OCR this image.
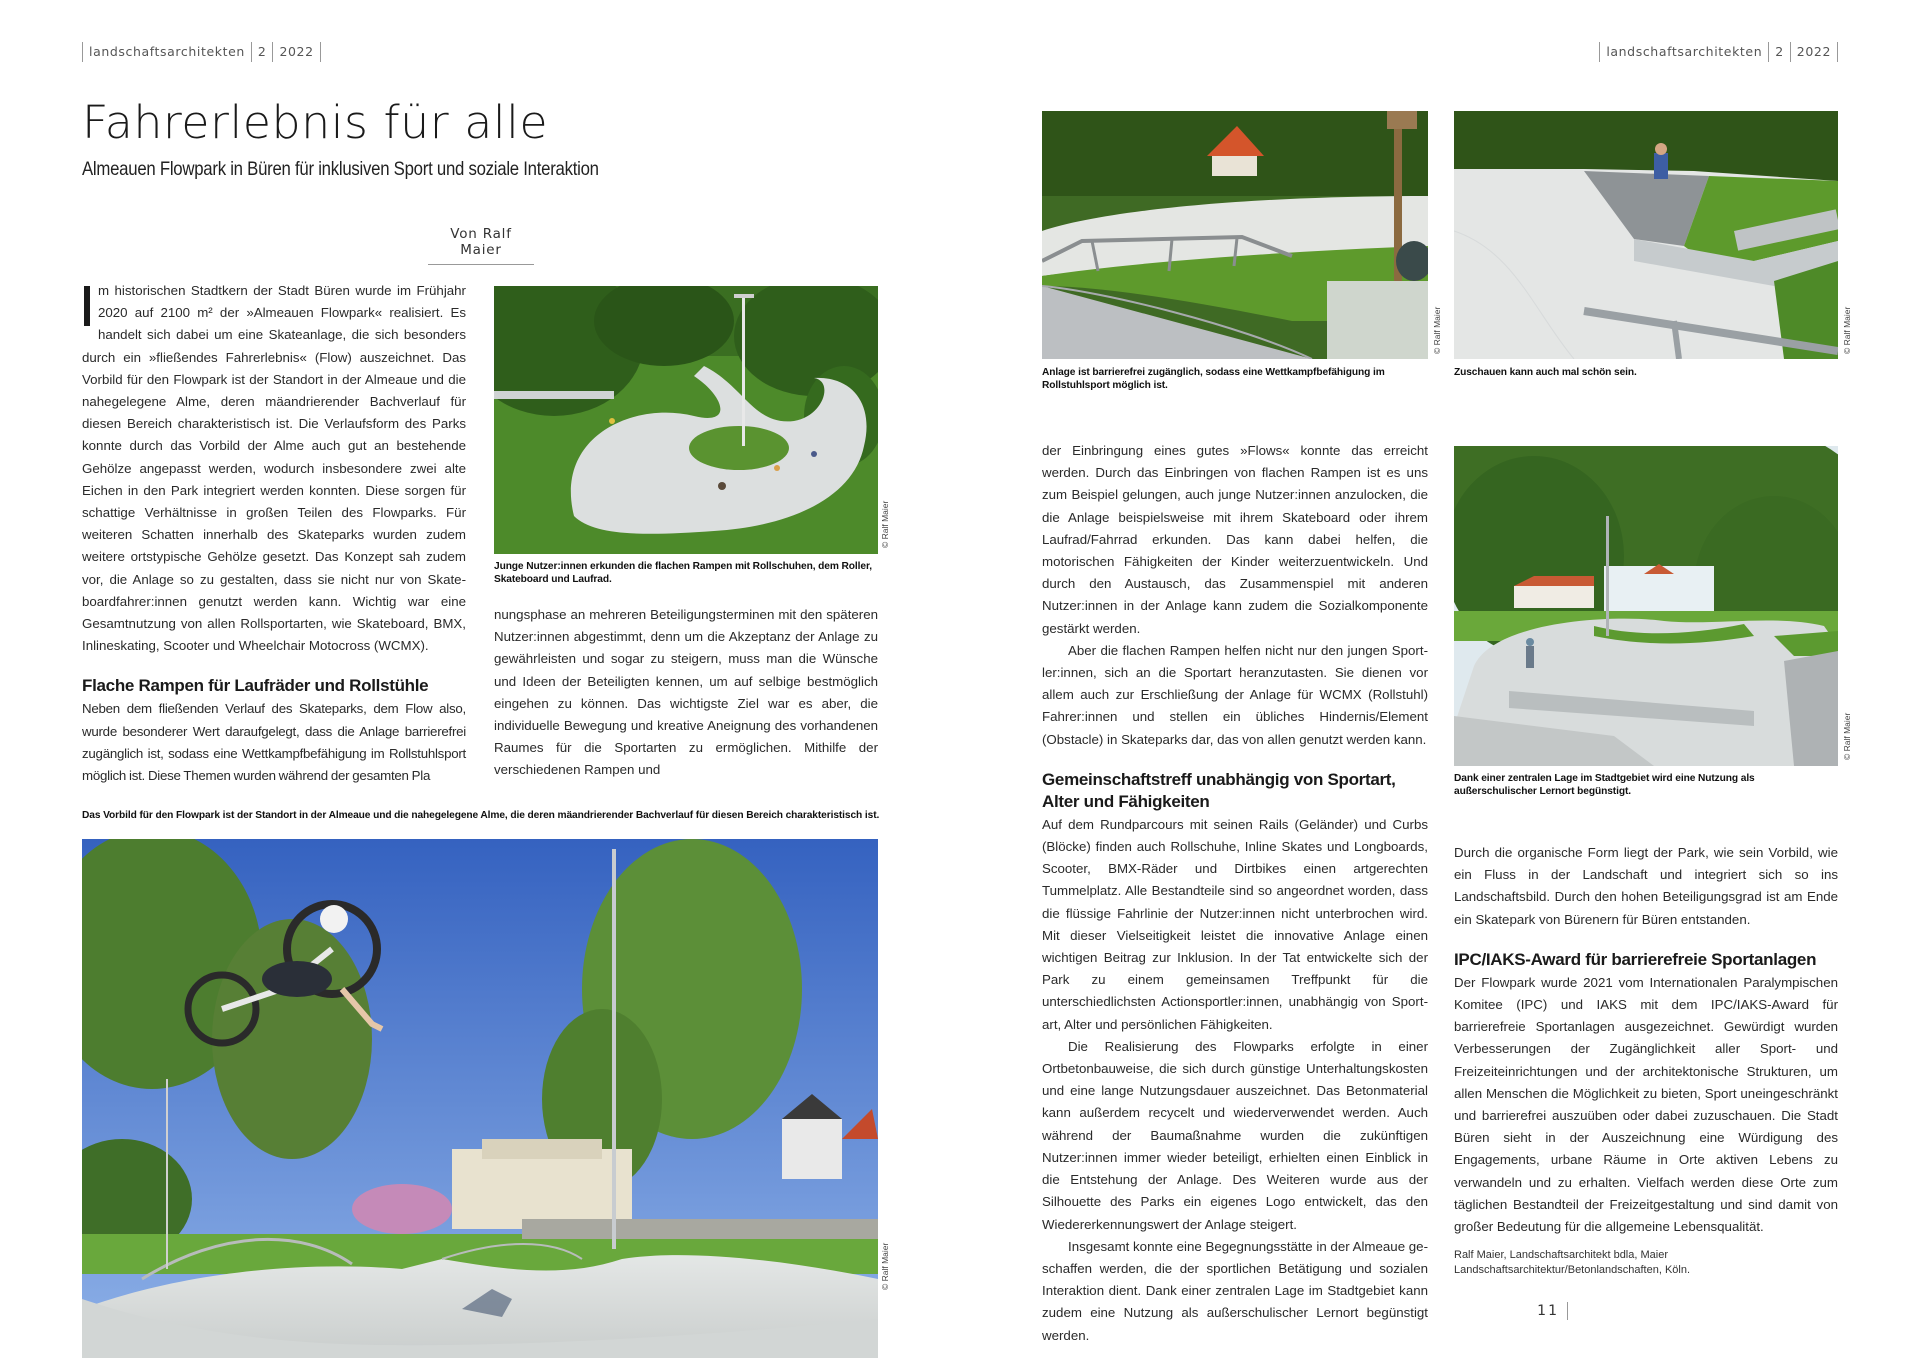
landschaftsarchitekten	2	2022
Fahrerlebnis für alle
Almeauen Flowpark in Büren für inklusiven Sport und soziale Interaktion
Von Ralf Maier

m historischen Stadtkern der Stadt Büren wurde im Frühjahr 2020 auf 2100 m² der »Almeauen Flowpark« realisiert. Es handelt sich dabei um eine Skateanlage, die sich besonders durch ein »fließendes Fahrerlebnis« (Flow) auszeichnet. Das Vorbild für den Flowpark ist der Standort in der Almeaue und die nahegelegene Alme, deren mäandrierender Bachverlauf für diesen Bereich charakteristisch ist. Die Verlaufsform des Parks konnte durch das Vorbild der Alme auch gut an bestehende Gehölze angepasst werden, wodurch insbesondere zwei alte Eichen in den Park integriert werden konnten. Diese sorgen für schattige Verhältnisse in großen Teilen des Flowparks. Für weiteren Schatten innerhalb des Skateparks wurden zudem weitere ortstypische Gehölze gesetzt. Das Konzept sah zudem vor, die Anlage so zu gestalten, dass sie nicht nur von Skateboardfahrer:innen genutzt werden kann. Wichtig war eine Gesamtnutzung von allen Rollsportarten, wie Skateboard, BMX, Inlineskating, Scooter und Wheelchair Motocross (WCMX).

Flache Rampen für Laufräder und Rollstühle

Neben dem fließenden Verlauf des Skateparks, dem Flow also, wurde besonderer Wert daraufgelegt, dass die Anlage barrierefrei zugänglich ist, sodass eine Wettkampfbefähigung im Rollstuhlsport möglich ist. Diese Themen wurden während der gesamten Pla

© Ralf Maier
Junge Nutzer:innen erkunden die flachen Rampen mit Rollschuhen, dem Roller, Skateboard und Laufrad.

nungsphase an mehreren Beteiligungsterminen mit den späteren Nutzer:innen abgestimmt, denn um die Akzeptanz der Anlage zu gewährleisten und sogar zu steigern, muss man die Wünsche und Ideen der Beteiligten kennen, um auf selbige bestmöglich eingehen zu können. Das wichtigste Ziel war es aber, die individuelle Bewegung und kreative Aneignung des vorhandenen Raumes für die Sportarten zu ermöglichen. Mithilfe der verschiedenen Rampen und

Das Vorbild für den Flowpark ist der Standort in der Almeaue und die nahegelegene Alme, die deren mäandrierender Bachverlauf für diesen Bereich charakteristisch ist.
© Ralf Maier
landschaftsarchitekten	2	2022
© Ralf Maier
Anlage ist barrierefrei zugänglich, sodass eine Wettkampfbefähigung im Rollstuhlsport möglich ist.
© Ralf Maier
Zuschauen kann auch mal schön sein.

der Einbringung eines gutes »Flows« konnte das erreicht werden. Durch das Einbringen von flachen Rampen ist es uns zum Beispiel gelungen, auch junge Nutzer:innen anzulocken, die die Anlage beispielsweise mit ihrem Skateboard oder ihrem Laufrad/Fahrrad erkunden. Das kann dabei helfen, die motorischen Fähigkeiten der Kinder weiterzuentwickeln. Und durch den Austausch, das Zusammenspiel mit anderen Nutzer:innen in der Anlage kann zudem die Sozialkomponente gestärkt werden.

Aber die flachen Rampen helfen nicht nur den jungen Sportler:innen, sich an die Sportart heranzutasten. Sie dienen vor allem auch zur Erschließung der Anlage für WCMX (Rollstuhl) Fahrer:innen und stellen ein übliches Hindernis/Element (Obstacle) in Skateparks dar, das von allen genutzt werden kann.

Gemeinschaftstreff unabhängig von Sportart, Alter und Fähigkeiten

Auf dem Rundparcours mit seinen Rails (Geländer) und Curbs (Blöcke) finden auch Rollschuhe, Inline Skates und Longboards, Scooter, BMX-Räder und Dirtbikes einen artgerechten Tummelplatz. Alle Bestandteile sind so angeordnet worden, dass die flüssige Fahrlinie der Nutzer:innen nicht unterbrochen wird. Mit dieser Vielseitigkeit leistet die innovative Anlage einen wichtigen Beitrag zur Inklusion. In der Tat entwickelte sich der Park zu einem gemeinsamen Treffpunkt für die unterschiedlichsten Actionsportler:innen, unabhängig von Sportart, Alter und persönlichen Fähigkeiten.

Die Realisierung des Flowparks erfolgte in einer Ortbetonbauweise, die sich durch günstige Unterhaltungskosten und eine lange Nutzungsdauer auszeichnet. Das Betonmaterial kann außerdem recycelt und wiederverwendet werden. Auch während der Baumaßnahme wurden die zukünftigen Nutzer:innen immer wieder beteiligt, erhielten einen Einblick in die Entstehung der Anlage. Des Weiteren wurde aus der Silhouette des Parks ein eigenes Logo entwickelt, das den Wiedererkennungswert der Anlage steigert.

Insgesamt konnte eine Begegnungsstätte in der Almeaue geschaffen werden, die der sportlichen Betätigung und sozialen Interaktion dient. Dank einer zentralen Lage im Stadtgebiet kann zudem eine Nutzung als außerschulischer Lernort begünstigt werden.

© Ralf Maier
Dank einer zentralen Lage im Stadtgebiet wird eine Nutzung als außerschulischer Lernort begünstigt.

Durch die organische Form liegt der Park, wie sein Vorbild, wie ein Fluss in der Landschaft und integriert sich so ins Landschaftsbild. Durch den hohen Beteiligungsgrad ist am Ende ein Skatepark von Bürenern für Büren entstanden.

IPC/IAKS-Award für barrierefreie Sportanlagen

Der Flowpark wurde 2021 vom Internationalen Paralympischen Komitee (IPC) und IAKS mit dem IPC/IAKS-Award für barrierefreie Sportanlagen ausgezeichnet. Gewürdigt wurden Verbesserungen der Zugänglichkeit aller Sport- und Freizeiteinrichtungen und der architektonische Strukturen, um allen Menschen die Möglichkeit zu bieten, Sport uneingeschränkt und barrierefrei auszuüben oder dabei zuzuschauen. Die Stadt Büren sieht in der Auszeichnung eine Würdigung des Engagements, urbane Räume in Orte aktiven Lebens zu verwandeln und zu erhalten. Vielfach werden diese Orte zum täglichen Bestandteil der Freizeitgestaltung und sind damit von großer Bedeutung für die allgemeine Lebensqualität.

Ralf Maier, Landschaftsarchitekt bdla, Maier Landschaftsarchitektur/Betonlandschaften, Köln.

11
